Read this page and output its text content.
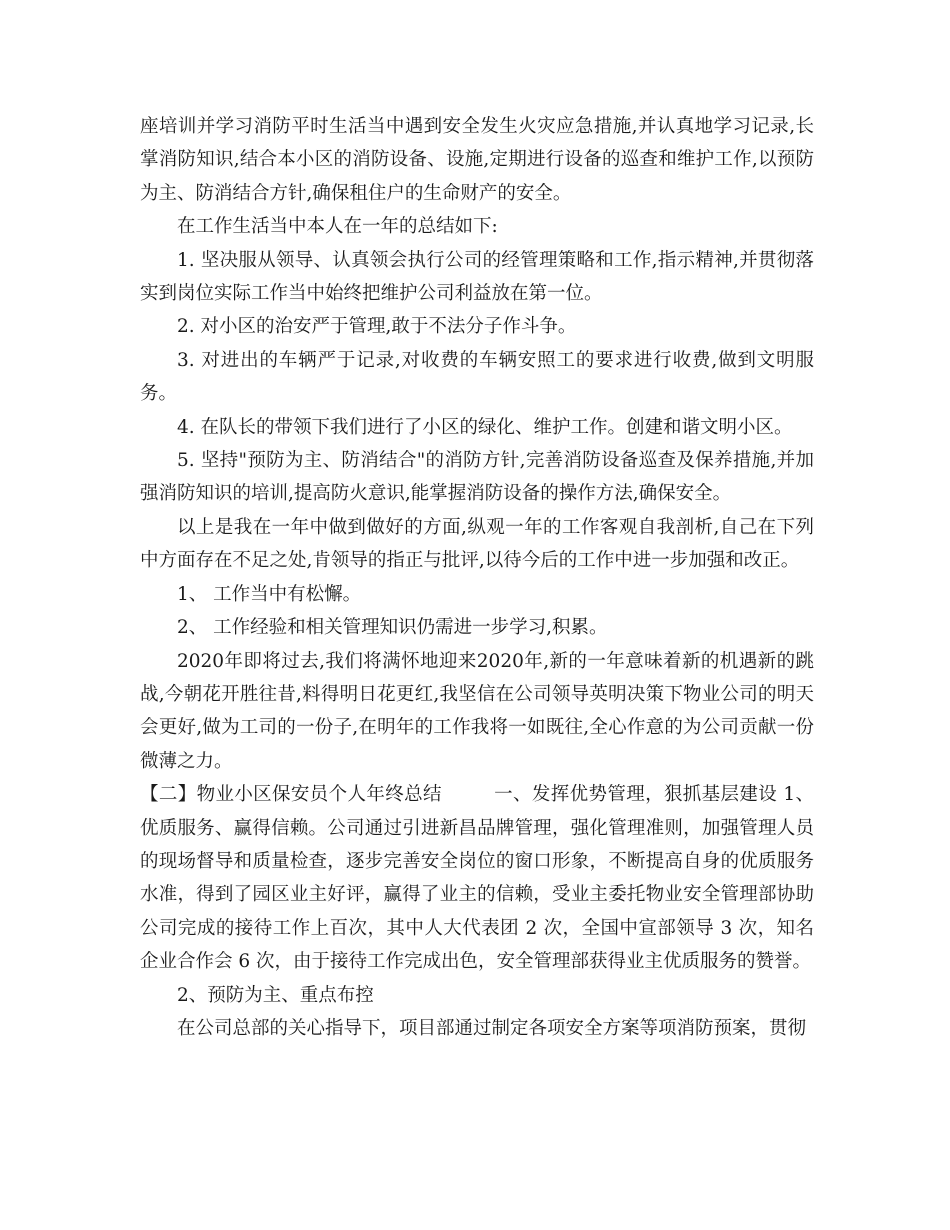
座培训并学习消防平时生活当中遇到安全发生火灾应急措施,并认真地学习记录,长掌消防知识,结合本小区的消防设备、设施,定期进行设备的巡查和维护工作,以预防为主、防消结合方针,确保租住户的生命财产的安全。

在工作生活当中本人在一年的总结如下:

1. 坚决服从领导、认真领会执行公司的经管理策略和工作,指示精神,并贯彻落实到岗位实际工作当中始终把维护公司利益放在第一位。

2. 对小区的治安严于管理,敢于不法分子作斗争。

3. 对进出的车辆严于记录,对收费的车辆安照工的要求进行收费,做到文明服务。

4. 在队长的带领下我们进行了小区的绿化、维护工作。创建和谐文明小区。

5. 坚持"预防为主、防消结合"的消防方针,完善消防设备巡查及保养措施,并加强消防知识的培训,提高防火意识,能掌握消防设备的操作方法,确保安全。

以上是我在一年中做到做好的方面,纵观一年的工作客观自我剖析,自己在下列中方面存在不足之处,肯领导的指正与批评,以待今后的工作中进一步加强和改正。

1、 工作当中有松懈。

2、 工作经验和相关管理知识仍需进一步学习,积累。

2020年即将过去,我们将满怀地迎来2020年,新的一年意味着新的机遇新的跳战,今朝花开胜往昔,料得明日花更红,我坚信在公司领导英明决策下物业公司的明天会更好,做为工司的一份子,在明年的工作我将一如既往,全心作意的为公司贡献一份微薄之力。

【二】物业小区保安员个人年终总结	一、发挥优势管理，狠抓基层建设 1、优质服务、赢得信赖。公司通过引进新昌品牌管理，强化管理准则，加强管理人员的现场督导和质量检查，逐步完善安全岗位的窗口形象，不断提高自身的优质服务水准，得到了园区业主好评，赢得了业主的信赖，受业主委托物业安全管理部协助公司完成的接待工作上百次，其中人大代表团 2 次，全国中宣部领导 3 次，知名企业合作会 6 次，由于接待工作完成出色，安全管理部获得业主优质服务的赞誉。

2、预防为主、重点布控

在公司总部的关心指导下，项目部通过制定各项安全方案等项消防预案，贯彻
